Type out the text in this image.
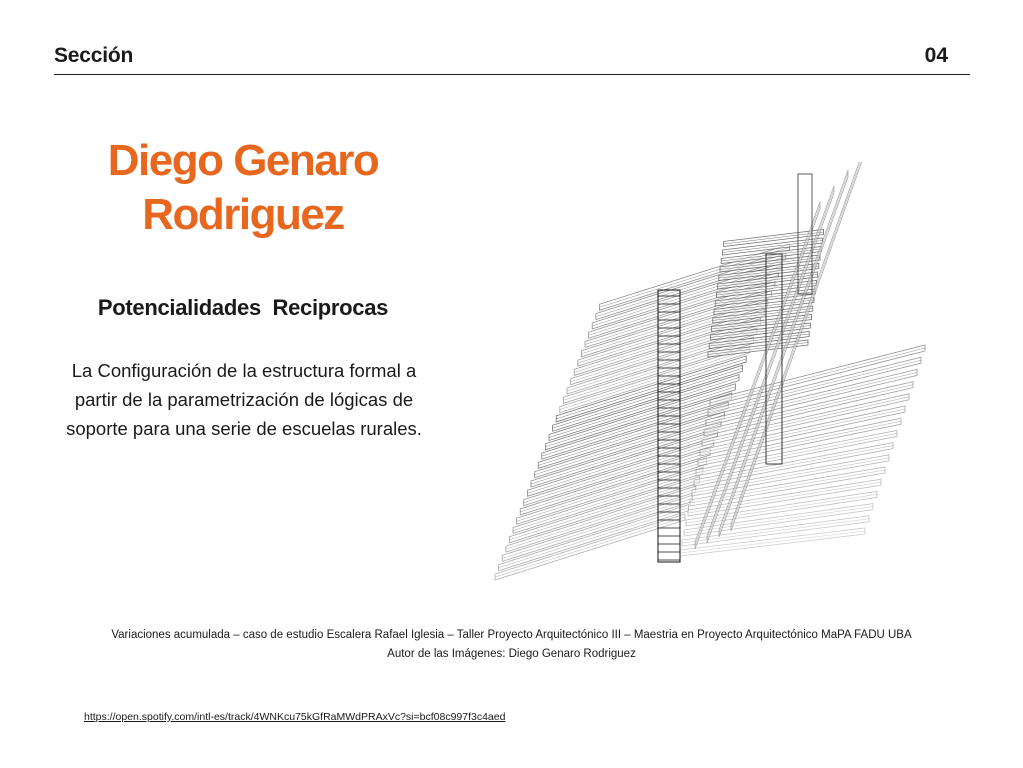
Sección	04
Diego Genaro
Rodriguez
Potencialidades  Reciprocas

La Configuración de la estructura formal a partir de la parametrización de lógicas de soporte para una serie de escuelas rurales.

Variaciones acumulada – caso de estudio Escalera Rafael Iglesia – Taller Proyecto Arquitectónico III – Maestria en Proyecto Arquitectónico MaPA FADU UBA
Autor de las Imágenes: Diego Genaro Rodriguez
https://open.spotify.com/intl-es/track/4WNKcu75kGfRaMWdPRAxVc?si=bcf08c997f3c4aed
